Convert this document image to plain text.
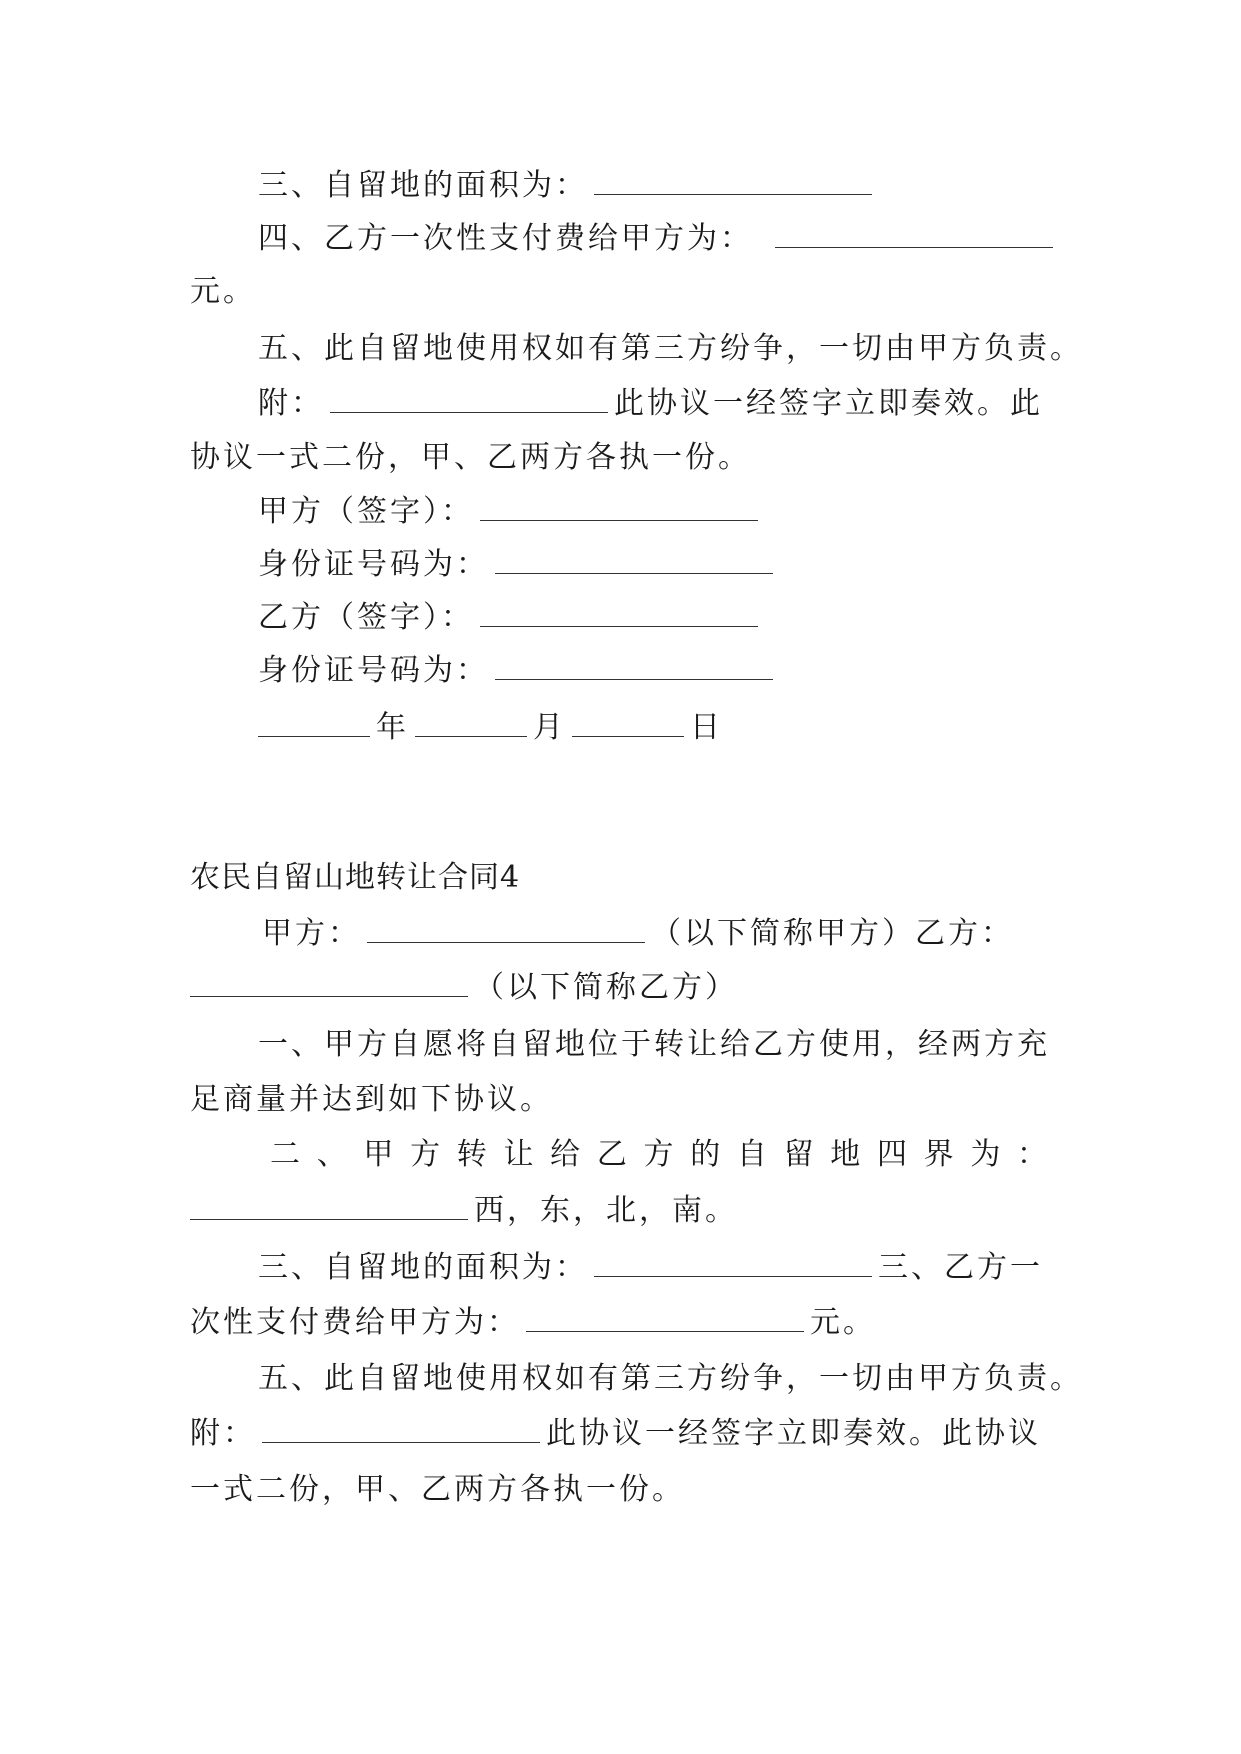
三、自留地的面积为：
四、乙方一次性支付费给甲方为：
元。
五、此自留地使用权如有第三方纷争，一切由甲方负责。
附：	此协议一经签字立即奏效。此
协议一式二份，甲、乙两方各执一份。
甲方（签字）：
身份证号码为：
乙方（签字）：
身份证号码为：
年	月	日
农民自留山地转让合同4
甲方：	（以下简称甲方）乙方：
（以下简称乙方）
一、甲方自愿将自留地位于转让给乙方使用，经两方充
足商量并达到如下协议。
二 、 甲 方 转 让 给 乙 方 的 自 留 地 四 界 为 ：
西，东，北，南。
三、自留地的面积为：	三、乙方一
次性支付费给甲方为：	元。
五、此自留地使用权如有第三方纷争，一切由甲方负责。
附：	此协议一经签字立即奏效。此协议
一式二份，甲、乙两方各执一份。
